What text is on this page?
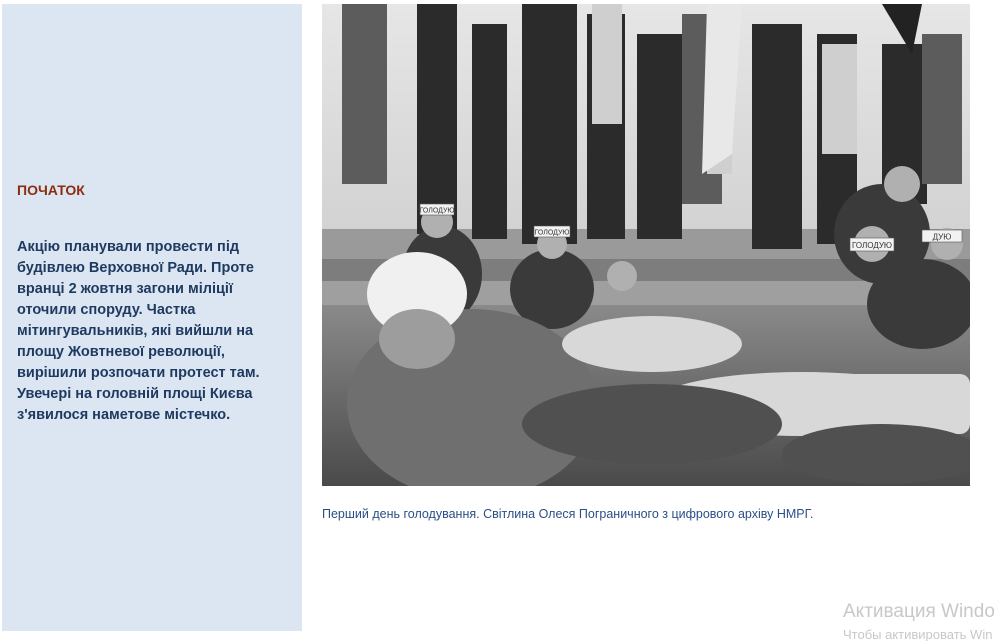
ПОЧАТОК

Акцію планували провести під будівлею Верховної Ради. Проте вранці 2 жовтня загони міліції оточили споруду. Частка мітингувальників, які вийшли на площу Жовтневої революції, вирішили розпочати протест там. Увечері на головній площі Києва з'явилося наметове містечко.

ГОЛОДУЮ
ГОЛОДУЮ
ГОЛОДУЮ
ДУЮ

Перший день голодування. Світлина Олеся Пограничного з цифрового архіву НМРГ.

Активация Windo
Чтобы активировать Win
